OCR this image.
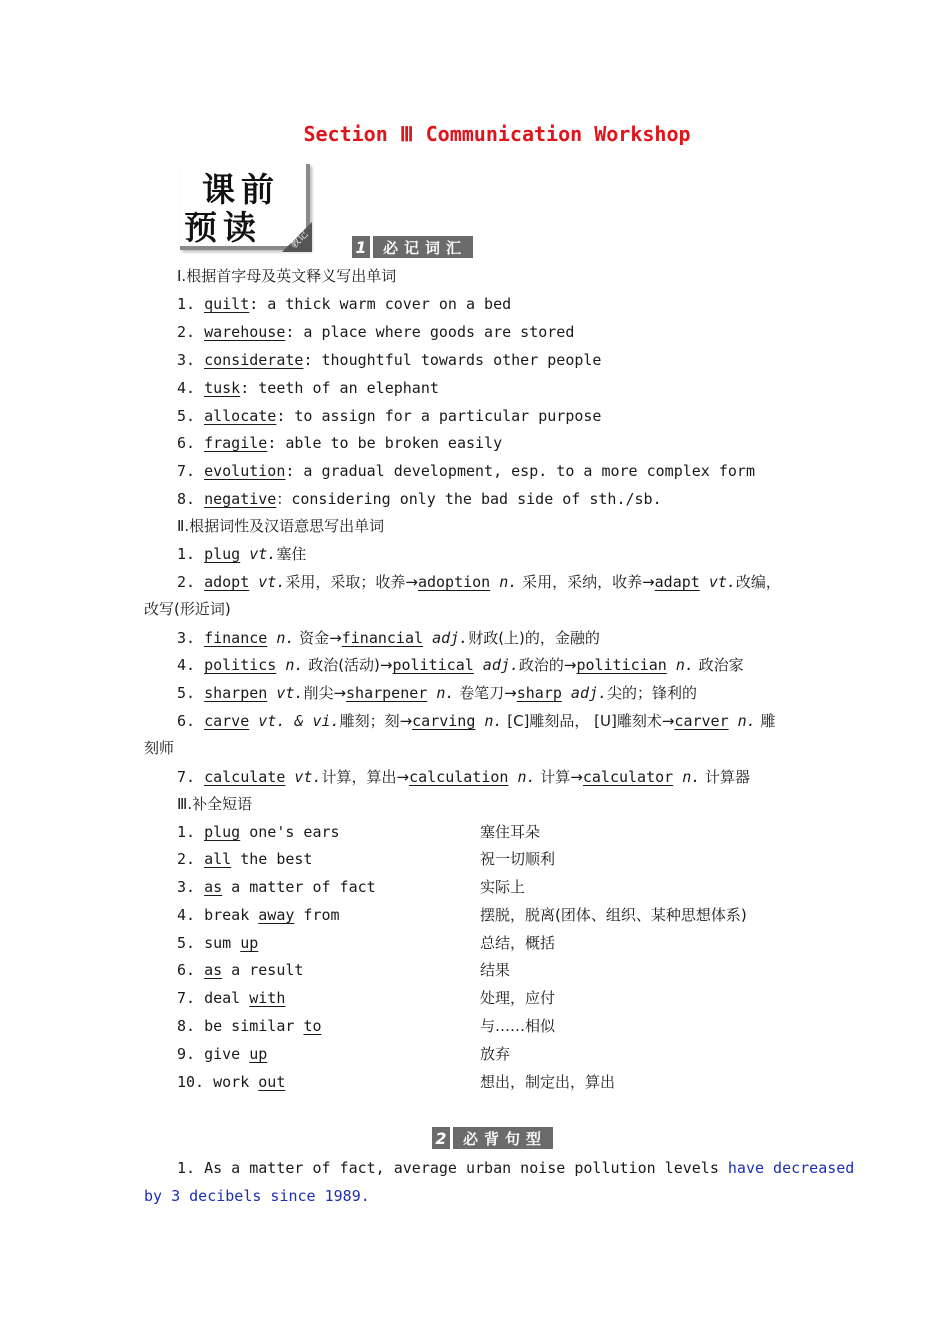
Section Ⅲ Communication Workshop
课前
预读	教记	1	必记词汇
Ⅰ.根据首字母及英文释义写出单词
1. quilt: a thick warm cover on a bed
2. warehouse: a place where goods are stored
3. considerate: thoughtful towards other people
4. tusk: teeth of an elephant
5. allocate: to assign for a particular purpose
6. fragile: able to be broken easily
7. evolution: a gradual development, esp. to a more complex form
8. negative：considering only the bad side of sth./sb.
Ⅱ.根据词性及汉语意思写出单词
1. plug vt.塞住
2. adopt vt.采用，采取；收养→adoption n. 采用，采纳，收养→adapt vt.改编，
改写(形近词)
3. finance n. 资金→financial adj.财政(上)的，金融的
4. politics n. 政治(活动)→political adj.政治的→politician n. 政治家
5. sharpen vt.削尖→sharpener n. 卷笔刀→sharp adj.尖的；锋利的
6. carve vt. & vi.雕刻；刻→carving n. [C]雕刻品， [U]雕刻术→carver n. 雕
刻师
7. calculate vt.计算，算出→calculation n. 计算→calculator n. 计算器
Ⅲ.补全短语
1. plug one's ears	塞住耳朵
2. all the best	祝一切顺利
3. as a matter of fact	实际上
4. break away from	摆脱，脱离(团体、组织、某种思想体系)
5. sum up	总结，概括
6. as a result	结果
7. deal with	处理，应付
8. be similar to	与……相似
9. give up	放弃
10. work out	想出，制定出，算出
2	必背句型
1. As a matter of fact, average urban noise pollution levels have decreased
by 3 decibels since 1989.
